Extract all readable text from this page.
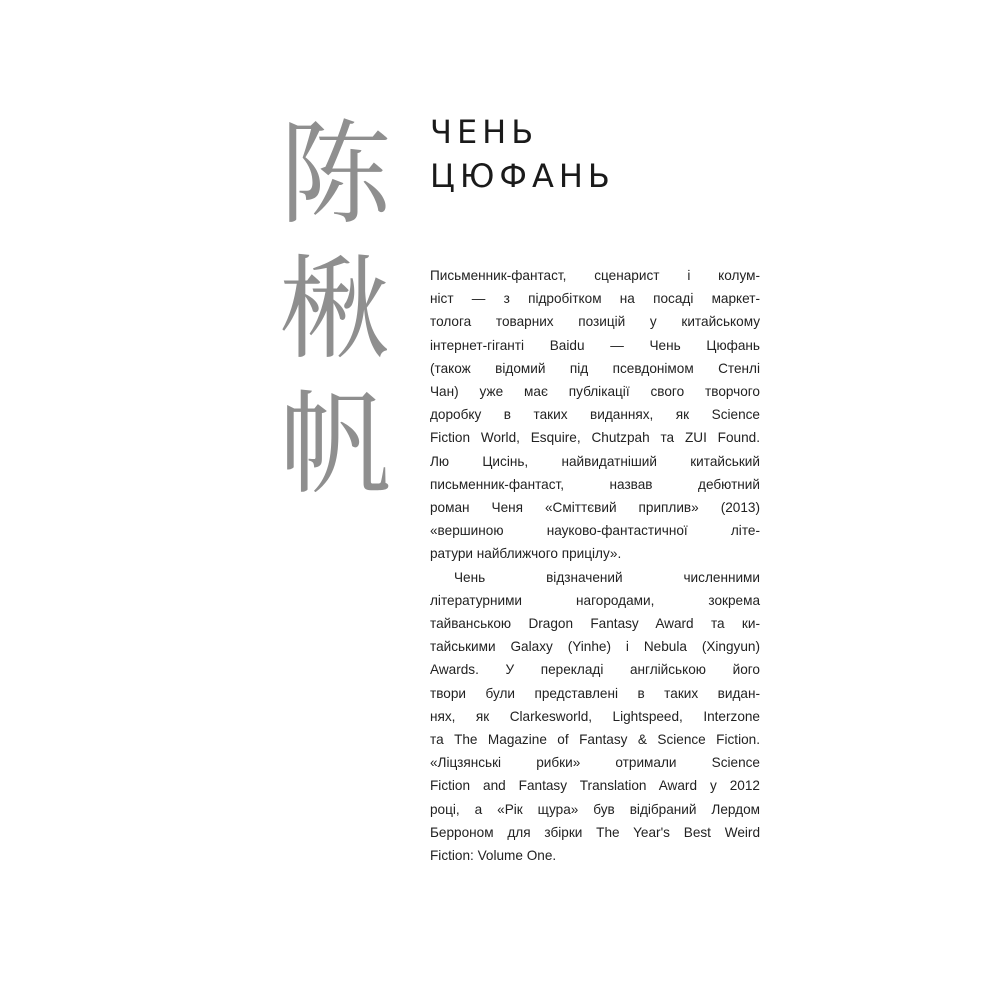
陈
楸
帆
ЧЕНЬ
ЦЮФАНЬ
Письменник-фантаст, сценарист і колум-
ніст — з підробітком на посаді маркет-
толога товарних позицій у китайському
інтернет-гіганті Baidu — Чень Цюфань
(також відомий під псевдонімом Стенлі
Чан) уже має публікації свого творчого
доробку в таких виданнях, як Science
Fiction World, Esquire, Chutzpah та ZUI Found.
Лю Цисінь, найвидатніший китайський
письменник-фантаст, назвав дебютний
роман Ченя «Сміттєвий приплив» (2013)
«вершиною науково-фантастичної літе-
ратури найближчого прицілу».
Чень відзначений численними
літературними нагородами, зокрема
тайванською Dragon Fantasy Award та ки-
тайськими Galaxy (Yinhe) і Nebula (Xingyun)
Awards. У перекладі англійською його
твори були представлені в таких видан-
нях, як Clarkesworld, Lightspeed, Interzone
та The Magazine of Fantasy & Science Fiction.
«Ліцзянські рибки» отримали Science
Fiction and Fantasy Translation Award у 2012
році, а «Рік щура» був відібраний Лердом
Берроном для збірки The Year's Best Weird
Fiction: Volume One.
